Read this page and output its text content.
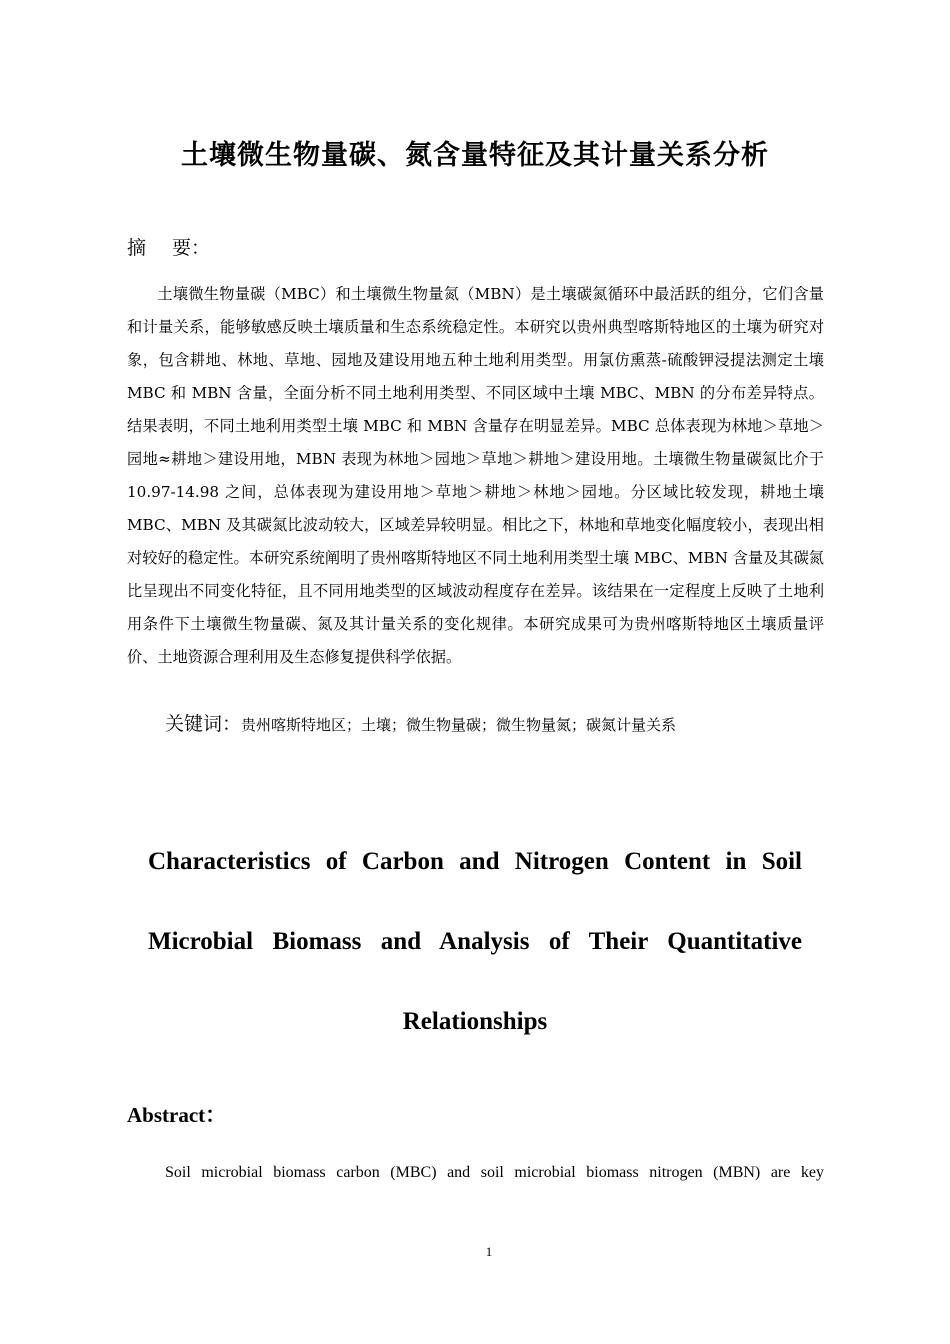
土壤微生物量碳、氮含量特征及其计量关系分析
摘 要：

土壤微生物量碳（MBC）和土壤微生物量氮（MBN）是土壤碳氮循环中最活跃的组分，它们含量和计量关系，能够敏感反映土壤质量和生态系统稳定性。本研究以贵州典型喀斯特地区的土壤为研究对象，包含耕地、林地、草地、园地及建设用地五种土地利用类型。用氯仿熏蒸-硫酸钾浸提法测定土壤 MBC 和 MBN 含量，全面分析不同土地利用类型、不同区域中土壤 MBC、MBN 的分布差异特点。结果表明，不同土地利用类型土壤 MBC 和 MBN 含量存在明显差异。MBC 总体表现为林地＞草地＞园地≈耕地＞建设用地，MBN 表现为林地＞园地＞草地＞耕地＞建设用地。土壤微生物量碳氮比介于 10.97-14.98 之间，总体表现为建设用地＞草地＞耕地＞林地＞园地。分区域比较发现，耕地土壤 MBC、MBN 及其碳氮比波动较大，区域差异较明显。相比之下，林地和草地变化幅度较小，表现出相对较好的稳定性。本研究系统阐明了贵州喀斯特地区不同土地利用类型土壤 MBC、MBN 含量及其碳氮比呈现出不同变化特征，且不同用地类型的区域波动程度存在差异。该结果在一定程度上反映了土地利用条件下土壤微生物量碳、氮及其计量关系的变化规律。本研究成果可为贵州喀斯特地区土壤质量评价、土地资源合理利用及生态修复提供科学依据。

关键词：贵州喀斯特地区；土壤；微生物量碳；微生物量氮；碳氮计量关系

Characteristics of Carbon and Nitrogen Content in Soil Microbial Biomass and Analysis of Their Quantitative Relationships

Abstract：

Soil microbial biomass carbon (MBC) and soil microbial biomass nitrogen (MBN) are key

1
